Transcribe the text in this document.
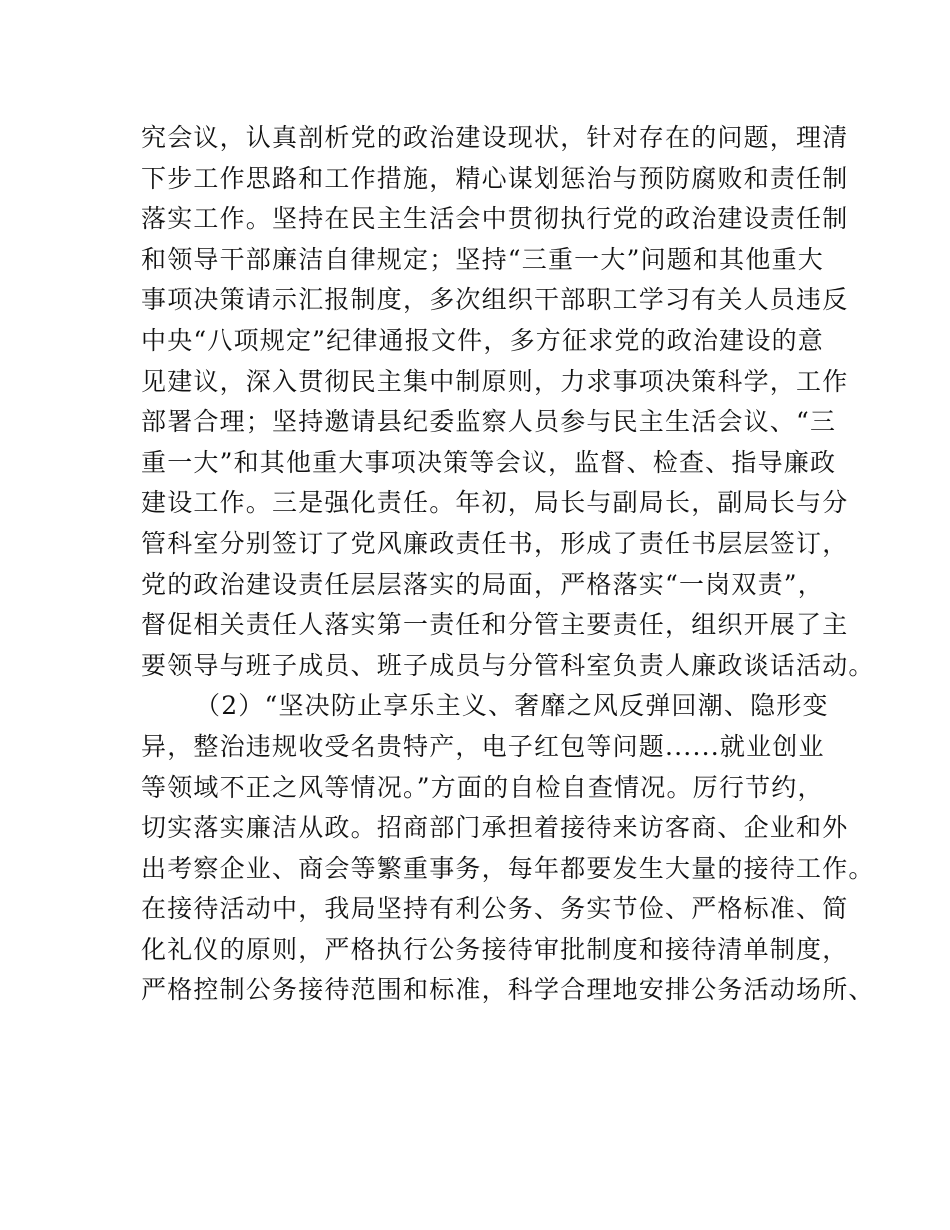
究会议，认真剖析党的政治建设现状，针对存在的问题，理清
下步工作思路和工作措施，精心谋划惩治与预防腐败和责任制
落实工作。坚持在民主生活会中贯彻执行党的政治建设责任制
和领导干部廉洁自律规定；坚持“三重一大”问题和其他重大
事项决策请示汇报制度，多次组织干部职工学习有关人员违反
中央“八项规定”纪律通报文件，多方征求党的政治建设的意
见建议，深入贯彻民主集中制原则，力求事项决策科学，工作
部署合理；坚持邀请县纪委监察人员参与民主生活会议、“三
重一大”和其他重大事项决策等会议，监督、检查、指导廉政
建设工作。三是强化责任。年初，局长与副局长，副局长与分
管科室分别签订了党风廉政责任书，形成了责任书层层签订，
党的政治建设责任层层落实的局面，严格落实“一岗双责”，
督促相关责任人落实第一责任和分管主要责任，组织开展了主
要领导与班子成员、班子成员与分管科室负责人廉政谈话活动。
（2）“坚决防止享乐主义、奢靡之风反弹回潮、隐形变
异，整治违规收受名贵特产，电子红包等问题......就业创业
等领域不正之风等情况。”方面的自检自查情况。厉行节约，
切实落实廉洁从政。招商部门承担着接待来访客商、企业和外
出考察企业、商会等繁重事务，每年都要发生大量的接待工作。
在接待活动中，我局坚持有利公务、务实节俭、严格标准、简
化礼仪的原则，严格执行公务接待审批制度和接待清单制度，
严格控制公务接待范围和标准，科学合理地安排公务活动场所、
